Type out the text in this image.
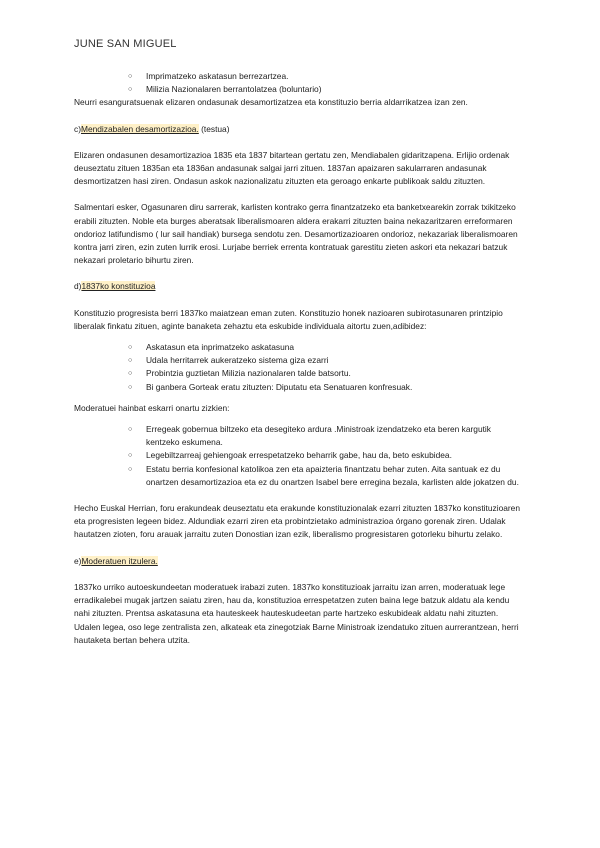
JUNE SAN MIGUEL
○ Imprimatzeko askatasun berrezartzea.
○ Milizia Nazionalaren berrantolatzea (boluntario)

Neurri esanguratsuenak elizaren ondasunak desamortizatzea eta konstituzio berria aldarrikatzea izan zen.

c)Mendizabalen desamortizazioa. (testua)

Elizaren ondasunen desamortizazioa 1835 eta 1837 bitartean gertatu zen, Mendiabalen gidaritzapena. Erlijio ordenak deuseztatu zituen 1835an eta 1836an andasunak salgai jarri zituen. 1837an apaizaren sakularraren andasunak desmortizatzen hasi ziren. Ondasun askok nazionalizatu zituzten eta geroago enkarte publikoak saldu zituzten.

Salmentari esker, Ogasunaren diru sarrerak, karlisten kontrako gerra finantzatzeko eta banketxearekin zorrak txikitzeko erabili zituzten. Noble eta burges aberatsak liberalismoaren aldera erakarri zituzten baina nekazaritzaren erreformaren ondorioz latifundismo ( lur sail handiak) bursega sendotu zen. Desamortizazioaren ondorioz, nekazariak liberalismoaren kontra jarri ziren, ezin zuten lurrik erosi. Lurjabe berriek errenta kontratuak garestitu zieten askori eta nekazari batzuk nekazari proletario bihurtu ziren.

d)1837ko konstituzioa

Konstituzio progresista berri 1837ko maiatzean eman zuten. Konstituzio honek nazioaren subirotasunaren printzipio liberalak finkatu zituen, aginte banaketa zehaztu eta eskubide individuala aitortu zuen,adibidez:

○ Askatasun eta inprimatzeko askatasuna
○ Udala herritarrek aukeratzeko sistema giza ezarri
○ Probintzia guztietan Milizia nazionalaren talde batsortu.
○ Bi ganbera Gorteak eratu zituzten: Diputatu eta Senatuaren konfresuak.

Moderatuei hainbat eskarri onartu zizkien:

○ Erregeak gobernua biltzeko eta desegiteko ardura .Ministroak izendatzeko eta beren kargutik kentzeko eskumena.
○ Legebiltzarreaj gehiengoak errespetatzeko beharrik gabe, hau da, beto eskubidea.
○ Estatu berria konfesional katolikoa zen eta apaizteria finantzatu behar zuten. Aita santuak ez du onartzen desamortizazioa eta ez du onartzen Isabel bere erregina bezala, karlisten alde jokatzen du.

Hecho Euskal Herrian, foru erakundeak deuseztatu eta erakunde konstituzionalak ezarri zituzten 1837ko konstituzioaren eta progresisten legeen bidez. Aldundiak ezarri ziren eta probintzietako administrazioa órgano gorenak ziren. Udalak hautatzen zioten, foru arauak jarraitu zuten Donostian izan ezik, liberalismo progresistaren gotorleku bihurtu zelako.

e)Moderatuen itzulera.

1837ko urriko autoeskundeetan moderatuek irabazi zuten. 1837ko konstituzioak jarraitu izan arren, moderatuak lege erradikalebei mugak jartzen saiatu ziren, hau da, konstituzioa errespetatzen zuten baina lege batzuk aldatu ala kendu nahi zituzten. Prentsa askatasuna eta hauteskeek hauteskudeetan parte hartzeko eskubideak aldatu nahi zituzten. Udalen legea, oso lege zentralista zen, alkateak eta zinegotziak Barne Ministroak izendatuko zituen aurrerantzean, herri hautaketa bertan behera utzita.
